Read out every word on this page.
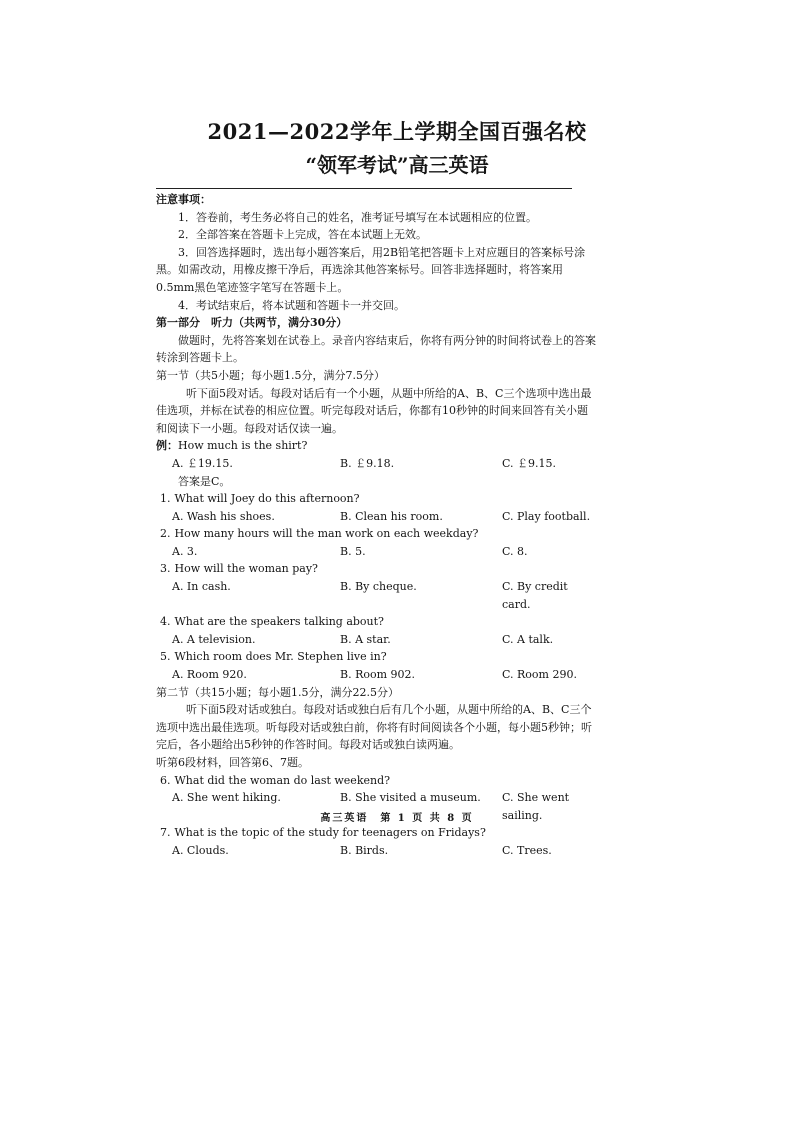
2021—2022学年上学期全国百强名校
“领军考试”高三英语

注意事项：

1．答卷前，考生务必将自己的姓名，准考证号填写在本试题相应的位置。

2．全部答案在答题卡上完成，答在本试题上无效。

3．回答选择题时，选出每小题答案后，用2B铅笔把答题卡上对应题目的答案标号涂黑。如需改动，用橡皮擦干净后，再选涂其他答案标号。回答非选择题时，将答案用0.5mm黑色笔迹签字笔写在答题卡上。

4．考试结束后，将本试题和答题卡一并交回。

第一部分　听力（共两节，满分30分）

做题时，先将答案划在试卷上。录音内容结束后，你将有两分钟的时间将试卷上的答案转涂到答题卡上。

第一节（共5小题；每小题1.5分，满分7.5分）

听下面5段对话。每段对话后有一个小题，从题中所给的A、B、C三个选项中选出最佳选项，并标在试卷的相应位置。听完每段对话后，你都有10秒钟的时间来回答有关小题和阅读下一小题。每段对话仅读一遍。

例：How much is the shirt?

A. ￡19.15.	B. ￡9.18.	C. ￡9.15.

答案是C。

1. What will Joey do this afternoon?

A. Wash his shoes.	B. Clean his room.	C. Play football.

2. How many hours will the man work on each weekday?

A. 3.	B. 5.	C. 8.

3. How will the woman pay?

A. In cash.	B. By cheque.	C. By credit card.

4. What are the speakers talking about?

A. A television.	B. A star.	C. A talk.

5. Which room does Mr. Stephen live in?

A. Room 920.	B. Room 902.	C. Room 290.

第二节（共15小题；每小题1.5分，满分22.5分）

听下面5段对话或独白。每段对话或独白后有几个小题，从题中所给的A、B、C三个选项中选出最佳选项。听每段对话或独白前，你将有时间阅读各个小题，每小题5秒钟；听完后，各小题给出5秒钟的作答时间。每段对话或独白读两遍。

听第6段材料，回答第6、7题。

6. What did the woman do last weekend?

A. She went hiking.	B. She visited a museum.	C. She went sailing.

7. What is the topic of the study for teenagers on Fridays?

A. Clouds.	B. Birds.	C. Trees.
高三英语　第 1 页 共 8 页
